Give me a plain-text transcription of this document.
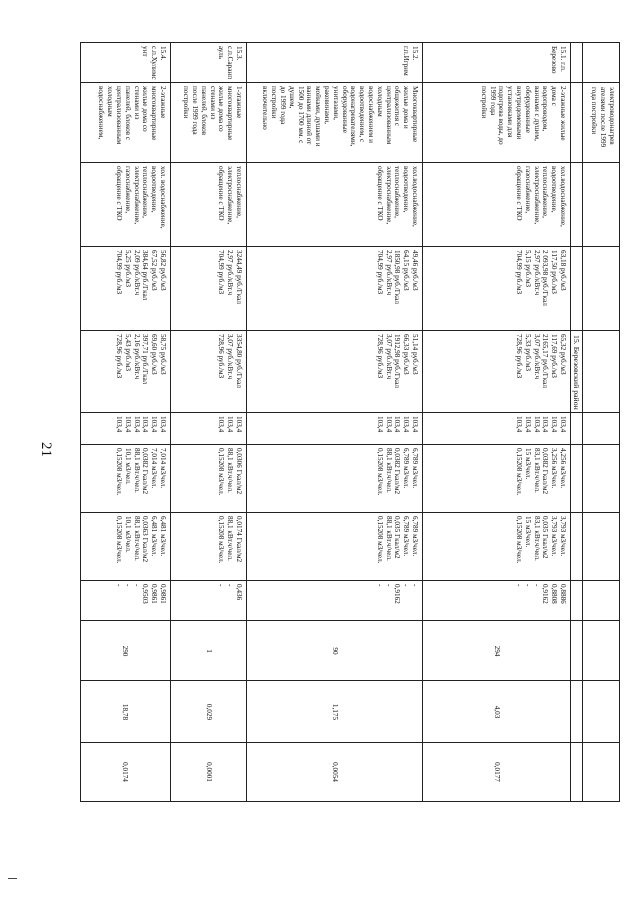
21
электроводонагрев
ателями после 1999
года постройки
15. Березовский район
15.1. г.п.
Березово
2-этажные жилые
дома с
водопроводом,
ваннами с душем,
оборудованные
внутридомовыми
установками для
подогрева воды, до
1999 года
постройки
хол.водоснабжение,
водоотведение,
теплоснабжение,
электроснабжение,
газоснабжение,
обращение с ТКО
63,18 руб./м3
117,50 руб./м3
2 093,98 руб./Гкал
2,97 руб./кВт.ч
5,15 руб./м3
704,99 руб./м3
65,32 руб./м3
117,69 руб./м3
2165,17 руб./Гкал
3,07 руб./кВт.ч
5,33 руб./м3
728,96 руб./м3
103,4
103,4
103,4
103,4
103,4
103,4
4,256 м3/чел.
3,256 м3/чел.
0,0382 Гкал/м2
83,1 кВт.ч/чел.
15 м3/чел.
0,15208 м3/чел.
3,793 м3/чел.
3,793 м3/чел.
0,035 Гкал/м2
83,1 кВт.ч/чел.
15 м3/чел.
0,15208 м3/чел.
0,8886
0,8808
0,9162
-
-
-
294
4,03
0,0177
15.2.
г.п.Игрим
Многоквартирные
жилые дома и
общежития с
централизованным
холодным
водоснабжением и
водоотведением, с
водонагревателями,
оборудованные
унитазами,
раковинами,
мойками, душами и
ваннами длиной от
1500 до 1700 мм. с
душем,
до 1999 года
постройки
включительно
хол.водоснабжение,
водоотведение,
теплоснабжение,
электроснабжение,
обращение с ТКО
49,46 руб./м3
64,15 руб./м3
1850,98 руб./Гкал
2,97 руб./кВт.ч
704,99 руб./м3
51,14 руб./м3
66,33 руб./м3
1912,98 руб./Гкал
3,07 руб./кВт.ч
728,96 руб./м3
103,4
103,4
103,4
103,4
103,4
6,789 м3/чел.
6,789 м3/чел.
0,0382 Гкал/м2
88,1 кВт.ч/чел.
0,15208 м3/чел.
6,789 м3/чел.
6,789 м3/чел.
0,035 Гкал/м2
88,1 кВт.ч/чел.
0,15208 м3/чел.
-
-
0,9162
-
-
90
1,175
0,0054
15.3.
с.п.Саранп
ауль
1-этажные
многоквартирные
жилые дома со
стенами из
панелей, блоков
после 1999 года
постройки
теплоснабжение,
электроснабжение,
обращение с ТКО
3244,49 руб./Гкал
2,97 руб./кВт.ч
704,99 руб./м3
3354,80 руб./Гкал
3,07 руб./кВт.ч
728,96 руб./м3
103,4
103,4
103,4
0,0306 Гкал/м2
88,1 кВт.ч/чел.
0,15208 м3/чел.
0,0174 Гкал/м2
88,1 кВт.ч/чел.
0,15208 м3/чел.
0,436
-
-
1
0,029
0,0001
15.4.
с.п.Хулимс
унт
2-этажные
многоквартирные
жилые дома со
стенами из
панелей, блоков с
централизованным
холодным
водоснабжением,
хол. водоснабжение,
водоотведение,
теплоснабжение,
электроснабжение,
газоснабжение,
обращение с ТКО
56,82 руб./м3
67,52 руб./м3
384,64 руб./Гкал
2,09 руб./кВт.ч
5,25 руб./м3
704,99 руб./м3
58,75 руб./м3
69,60 руб./м3
397,71 руб./Гкал
2,16 руб./кВт.ч
5,43 руб./м3
728,96 руб./м3
103,4
103,4
103,4
103,4
103,4
103,4
7,014 м3/чел.
7,014 м3/чел.
0,0382 Гкал/м2
88,1 кВт.ч/чел.
10,1 м3/чел.
0,15208 м3/чел.
6,481 м3/чел.
6,481 м3/чел.
0,0363 Гкал/м2
88,1 кВт.ч/чел.
10,1 м3/чел.
0,15208 м3/чел.
0,9861
0,9861
0,9503
-
-
-
290
18,78
0,0174
